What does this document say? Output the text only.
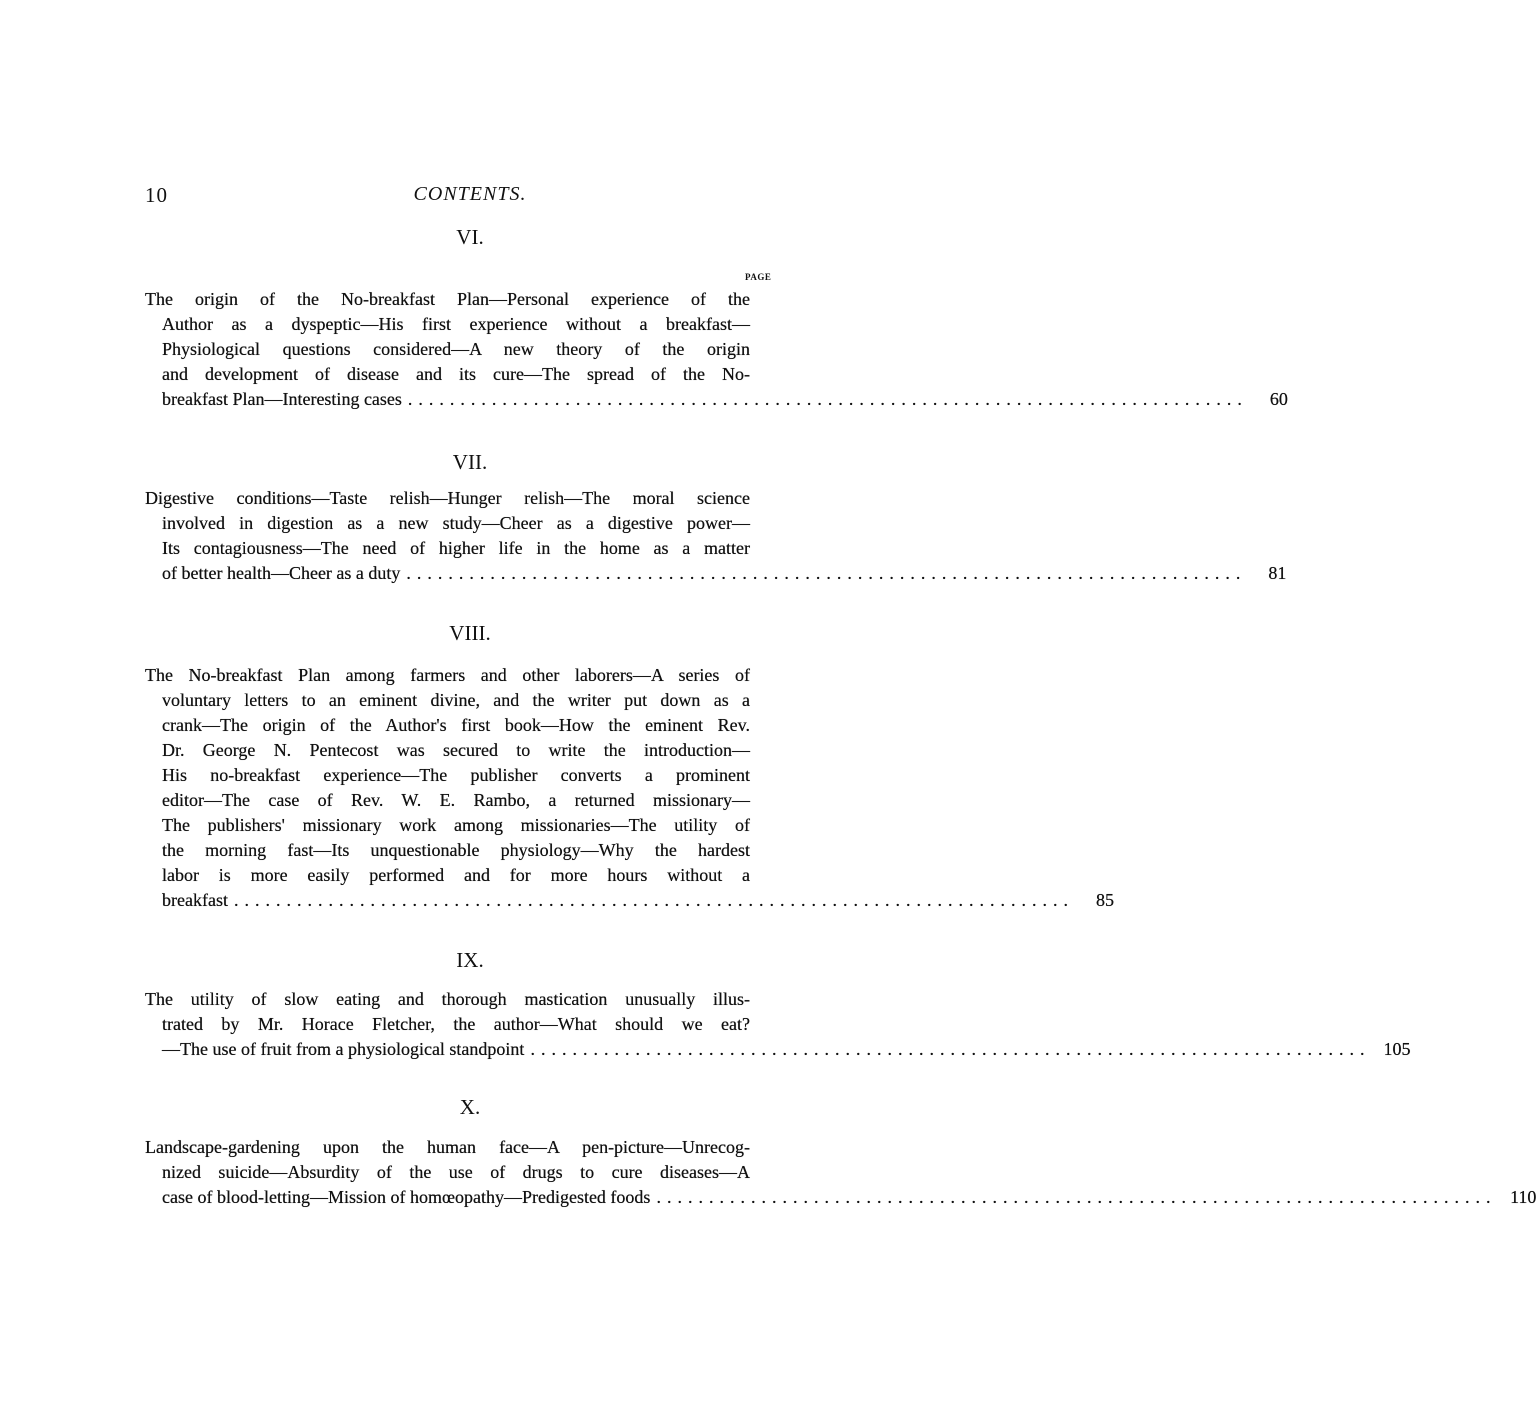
10	CONTENTS.
PAGE
VI.
The origin of the No-breakfast Plan—Personal experience of the
Author as a dyspeptic—His first experience without a breakfast—
Physiological questions considered—A new theory of the origin
and development of disease and its cure—The spread of the No-
breakfast Plan—Interesting cases ................................................................................	60
VII.
Digestive conditions—Taste relish—Hunger relish—The moral science
involved in digestion as a new study—Cheer as a digestive power—
Its contagiousness—The need of higher life in the home as a matter
of better health—Cheer as a duty ................................................................................	81
VIII.
The No-breakfast Plan among farmers and other laborers—A series of
voluntary letters to an eminent divine, and the writer put down as a
crank—The origin of the Author's first book—How the eminent Rev.
Dr. George N. Pentecost was secured to write the introduction—
His no-breakfast experience—The publisher converts a prominent
editor—The case of Rev. W. E. Rambo, a returned missionary—
The publishers' missionary work among missionaries—The utility of
the morning fast—Its unquestionable physiology—Why the hardest
labor is more easily performed and for more hours without a
breakfast ................................................................................	85
IX.
The utility of slow eating and thorough mastication unusually illus-
trated by Mr. Horace Fletcher, the author—What should we eat?
—The use of fruit from a physiological standpoint ................................................................................ 105
X.
Landscape-gardening upon the human face—A pen-picture—Unrecog-
nized suicide—Absurdity of the use of drugs to cure diseases—A
case of blood-letting—Mission of homœopathy—Predigested foods ................................................................................ 110
